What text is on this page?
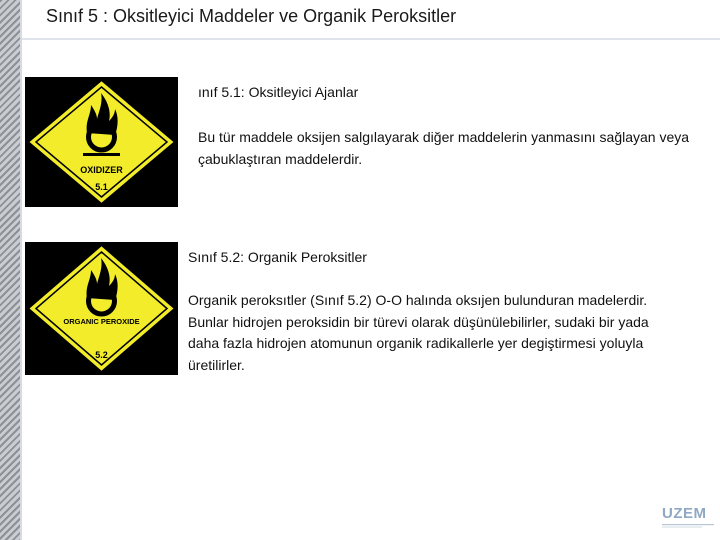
Sınıf 5 : Oksitleyici Maddeler ve Organik Peroksitler
OXIDIZER
5.1
ınıf 5.1: Oksitleyici Ajanlar
Bu tür maddele oksijen salgılayarak diğer maddelerin yanmasını sağlayan veya çabuklaştıran maddelerdir.
ORGANIC PEROXIDE
5.2
Sınıf 5.2: Organik Peroksitler
Organik peroksıtler (Sınıf 5.2) O-O halında oksıjen bulunduran madelerdir. Bunlar hidrojen peroksidin bir türevi olarak düşünülebilirler, sudaki bir yada daha fazla hidrojen atomunun organik radikallerle yer degiştirmesi yoluyla üretilirler.
UZEM
